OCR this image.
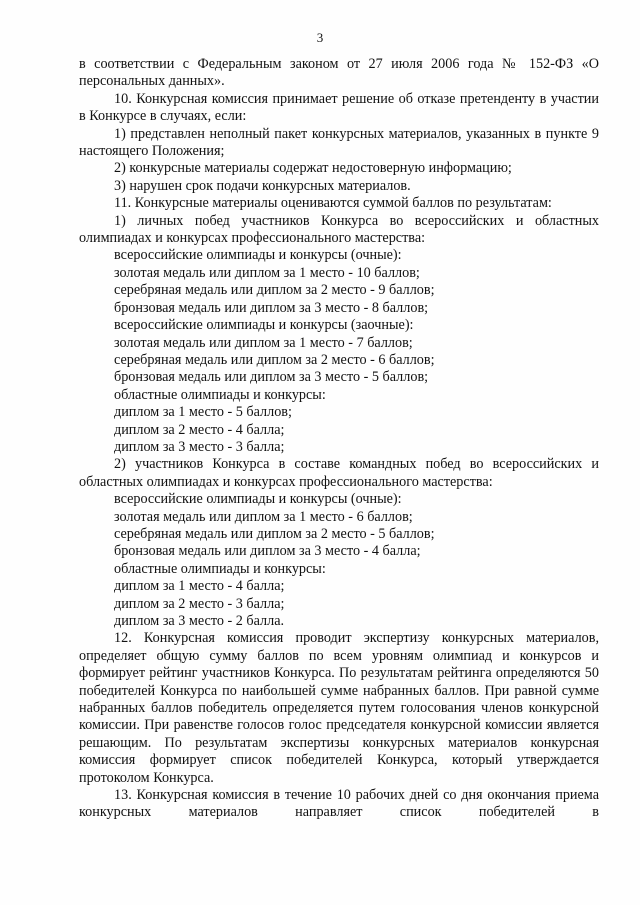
3

в соответствии с Федеральным законом от 27 июля 2006 года № 152-ФЗ «О персональных данных».

10. Конкурсная комиссия принимает решение об отказе претенденту в участии в Конкурсе в случаях, если:

1) представлен неполный пакет конкурсных материалов, указанных в пункте 9 настоящего Положения;

2) конкурсные материалы содержат недостоверную информацию;

3) нарушен срок подачи конкурсных материалов.

11. Конкурсные материалы оцениваются суммой баллов по результатам:

1) личных побед участников Конкурса во всероссийских и областных олимпиадах и конкурсах профессионального мастерства:

всероссийские олимпиады и конкурсы (очные):

золотая медаль или диплом за 1 место - 10 баллов;

серебряная медаль или диплом за 2 место - 9 баллов;

бронзовая медаль или диплом за 3 место - 8 баллов;

всероссийские олимпиады и конкурсы (заочные):

золотая медаль или диплом за 1 место - 7 баллов;

серебряная медаль или диплом за 2 место - 6 баллов;

бронзовая медаль или диплом за 3 место - 5 баллов;

областные олимпиады и конкурсы:

диплом за 1 место - 5 баллов;

диплом за 2 место - 4 балла;

диплом за 3 место - 3 балла;

2) участников Конкурса в составе командных побед во всероссийских и областных олимпиадах и конкурсах профессионального мастерства:

всероссийские олимпиады и конкурсы (очные):

золотая медаль или диплом за 1 место - 6 баллов;

серебряная медаль или диплом за 2 место - 5 баллов;

бронзовая медаль или диплом за 3 место - 4 балла;

областные олимпиады и конкурсы:

диплом за 1 место - 4 балла;

диплом за 2 место - 3 балла;

диплом за 3 место - 2 балла.

12. Конкурсная комиссия проводит экспертизу конкурсных материалов, определяет общую сумму баллов по всем уровням олимпиад и конкурсов и формирует рейтинг участников Конкурса. По результатам рейтинга определяются 50 победителей Конкурса по наибольшей сумме набранных баллов. При равной сумме набранных баллов победитель определяется путем голосования членов конкурсной комиссии. При равенстве голосов голос председателя конкурсной комиссии является решающим. По результатам экспертизы конкурсных материалов конкурсная комиссия формирует список победителей Конкурса, который утверждается протоколом Конкурса.

13. Конкурсная комиссия в течение 10 рабочих дней со дня окончания приема конкурсных материалов направляет список победителей в
